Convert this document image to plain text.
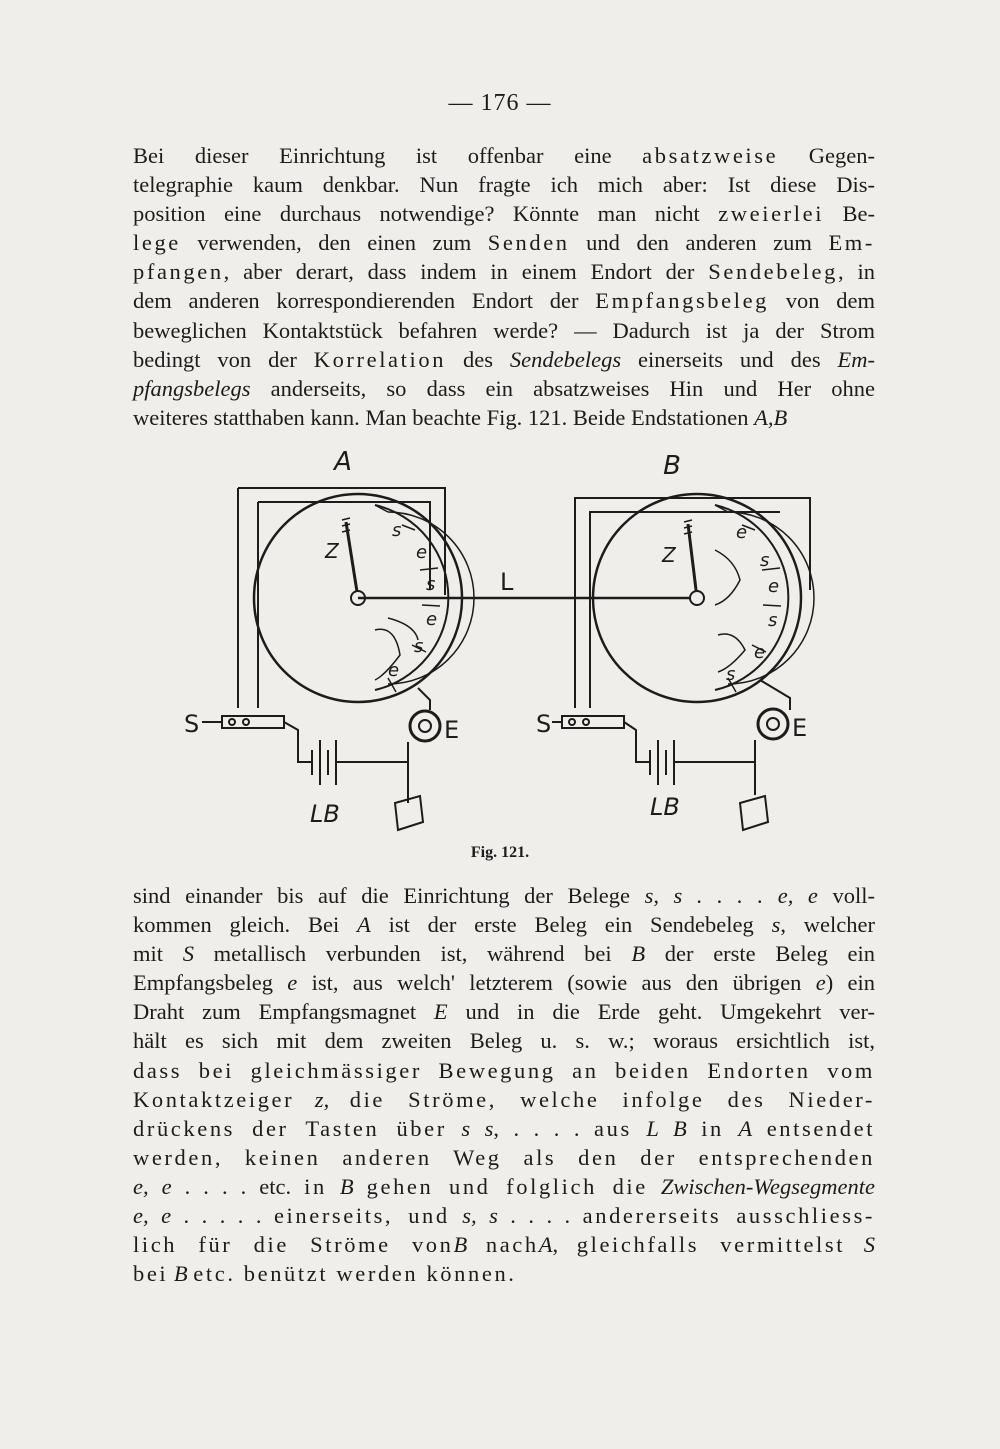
— 176 —
Bei dieser Einrichtung ist offenbar eine absatzweise Gegen-
telegraphie kaum denkbar. Nun fragte ich mich aber: Ist diese Dis-
position eine durchaus notwendige? Könnte man nicht zweierlei Be-
lege verwenden, den einen zum Senden und den anderen zum Em-
pfangen, aber derart, dass indem in einem Endort der Sendebeleg, in
dem anderen korrespondierenden Endort der Empfangsbeleg von dem
beweglichen Kontaktstück befahren werde? — Dadurch ist ja der Strom
bedingt von der Korrelation des Sendebelegs einerseits und des Em-
pfangsbelegs anderseits, so dass ein absatzweises Hin und Her ohne
weiteres statthaben kann. Man beachte Fig. 121. Beide Endstationen A,B
A
s
e
s
e
s
e
Z
S
LB
E
L
B
e
s
e
s
e
s
Z
S
LB
E
Fig. 121.
sind einander bis auf die Einrichtung der Belege s, s . . . . e, e voll-
kommen gleich. Bei A ist der erste Beleg ein Sendebeleg s, welcher
mit S metallisch verbunden ist, während bei B der erste Beleg ein
Empfangsbeleg e ist, aus welch' letzterem (sowie aus den übrigen e) ein
Draht zum Empfangsmagnet E und in die Erde geht. Umgekehrt ver-
hält es sich mit dem zweiten Beleg u. s. w.; woraus ersichtlich ist,
dass bei gleichmässiger Bewegung an beiden Endorten vom
Kontaktzeiger z, die Ströme, welche infolge des Nieder-
drückens der Tasten über s s, . . . . aus L B in A entsendet
werden, keinen anderen Weg als den der entsprechenden
e, e . . . . etc. in B gehen und folglich die Zwischen-Wegsegmente
e, e . . . . . einerseits, und s, s . . . . andererseits ausschliess-
lich für die Ströme vonB nachA, gleichfalls vermittelst S
bei B etc. benützt werden können.
